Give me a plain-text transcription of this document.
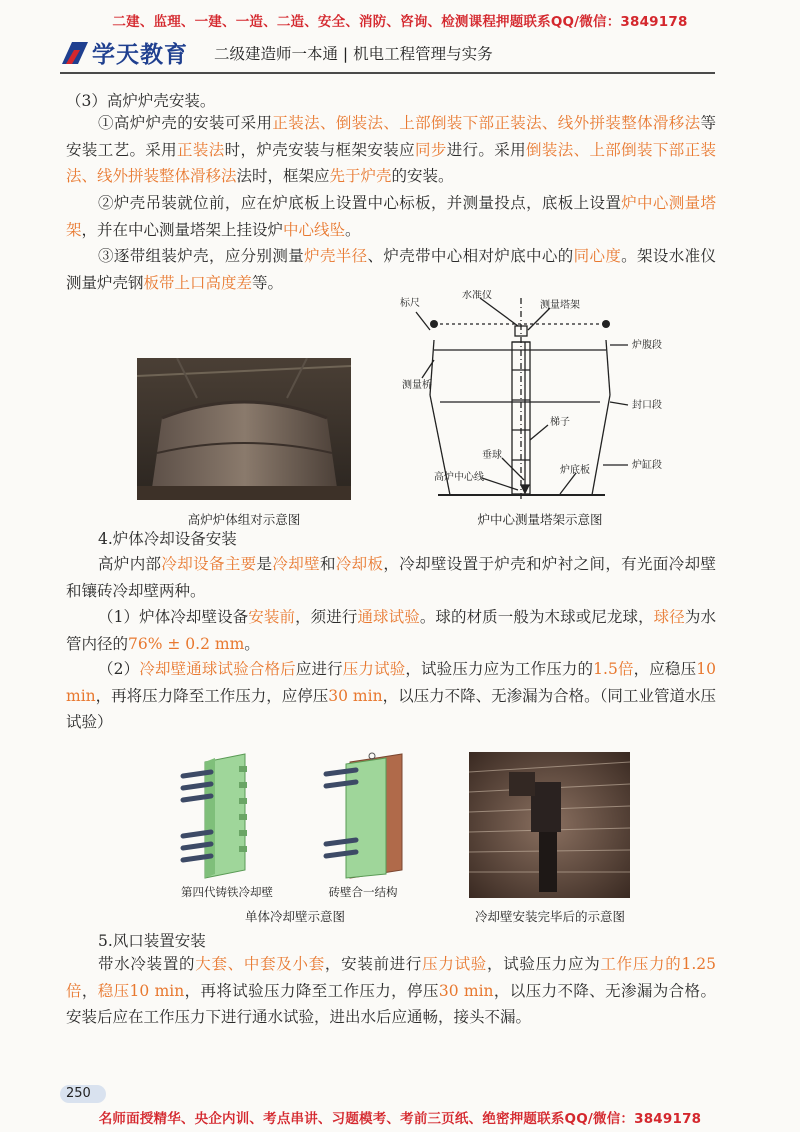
二建、监理、一建、一造、二造、安全、消防、咨询、检测课程押题联系QQ/微信：3849178
名师面授精华、央企内训、考点串讲、习题模考、考前三页纸、绝密押题联系QQ/微信：3849178
学天教育 二级建造师一本通 | 机电工程管理与实务

（3）高炉炉壳安装。

①高炉炉壳的安装可采用正装法、倒装法、上部倒装下部正装法、线外拼装整体滑移法等安装工艺。采用正装法时，炉壳安装与框架安装应同步进行。采用倒装法、上部倒装下部正装法、线外拼装整体滑移法法时，框架应先于炉壳的安装。

②炉壳吊装就位前，应在炉底板上设置中心标板，并测量投点，底板上设置炉中心测量塔架，并在中心测量塔架上挂设炉中心线坠。

③逐带组装炉壳，应分别测量炉壳半径、炉壳带中心相对炉底中心的同心度。架设水准仪测量炉壳钢板带上口高度差等。

高炉炉体组对示意图
标尺
水准仪
测量塔架
炉腹段
测量桥
封口段
梯子
垂球
炉缸段
高炉中心线
炉底板
炉中心测量塔架示意图

4.炉体冷却设备安装

高炉内部冷却设备主要是冷却壁和冷却板，冷却壁设置于炉壳和炉衬之间，有光面冷却壁和镶砖冷却壁两种。

（1）炉体冷却壁设备安装前，须进行通球试验。球的材质一般为木球或尼龙球，球径为水管内径的76% ± 0.2 mm。

（2）冷却壁通球试验合格后应进行压力试验，试验压力应为工作压力的1.5倍，应稳压10 min，再将压力降至工作压力，应停压30 min，以压力不降、无渗漏为合格。（同工业管道水压试验）

第四代铸铁冷却壁	砖壁合一结构
单体冷却壁示意图	冷却壁安装完毕后的示意图

5.风口装置安装

带水冷装置的大套、中套及小套，安装前进行压力试验，试验压力应为工作压力的1.25倍，稳压10 min，再将试验压力降至工作压力，停压30 min，以压力不降、无渗漏为合格。安装后应在工作压力下进行通水试验，进出水后应通畅，接头不漏。

250
